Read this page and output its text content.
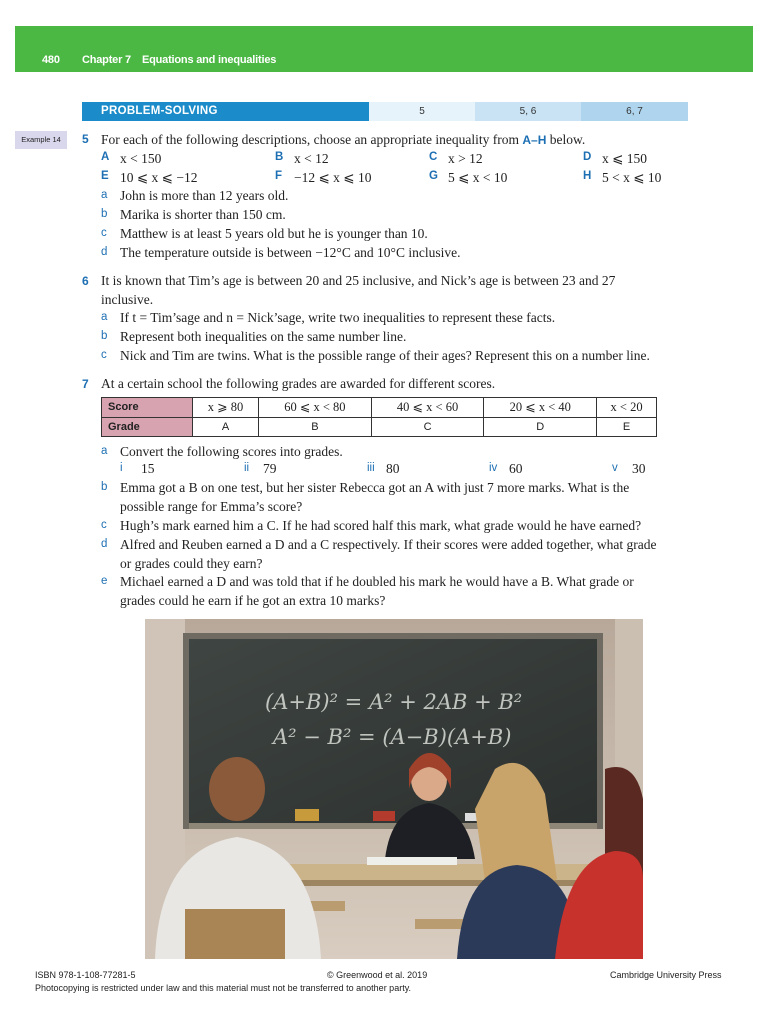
480 Chapter 7 Equations and inequalities
PROBLEM-SOLVING	5	5, 6	6, 7
Example 14	5 For each of the following descriptions, choose an appropriate inequality from A–H below.
A x < 150	B x < 12	C x > 12	D x ⩽ 150
E 10 ⩽ x ⩽ −12	F −12 ⩽ x ⩽ 10	G 5 ⩽ x < 10	H 5 < x ⩽ 10
a John is more than 12 years old.
b Marika is shorter than 150 cm.
c Matthew is at least 5 years old but he is younger than 10.
d The temperature outside is between −12°C and 10°C inclusive.
6 It is known that Tim’s age is between 20 and 25 inclusive, and Nick’s age is between 23 and 27
inclusive.
a If t = Tim’sage and n = Nick’sage, write two inequalities to represent these facts.
b Represent both inequalities on the same number line.
c Nick and Tim are twins. What is the possible range of their ages? Represent this on a number line.
7 At a certain school the following grades are awarded for different scores.
Score	x ⩾ 80	60 ⩽ x < 80	40 ⩽ x < 60	20 ⩽ x < 40	x < 20
Grade	A	B	C	D	E
a Convert the following scores into grades.
i 15	ii 79	iii 80	iv 60	v 30
b Emma got a B on one test, but her sister Rebecca got an A with just 7 more marks. What is the
possible range for Emma’s score?
c Hugh’s mark earned him a C. If he had scored half this mark, what grade would he have earned?
d Alfred and Reuben earned a D and a C respectively. If their scores were added together, what grade
or grades could they earn?
e Michael earned a D and was told that if he doubled his mark he would have a B. What grade or
grades could he earn if he got an extra 10 marks?
(A+B)² = A² + 2AB + B²
A² − B² = (A−B)(A+B)
ISBN 978-1-108-77281-5	© Greenwood et al. 2019	Cambridge University Press
Photocopying is restricted under law and this material must not be transferred to another party.
